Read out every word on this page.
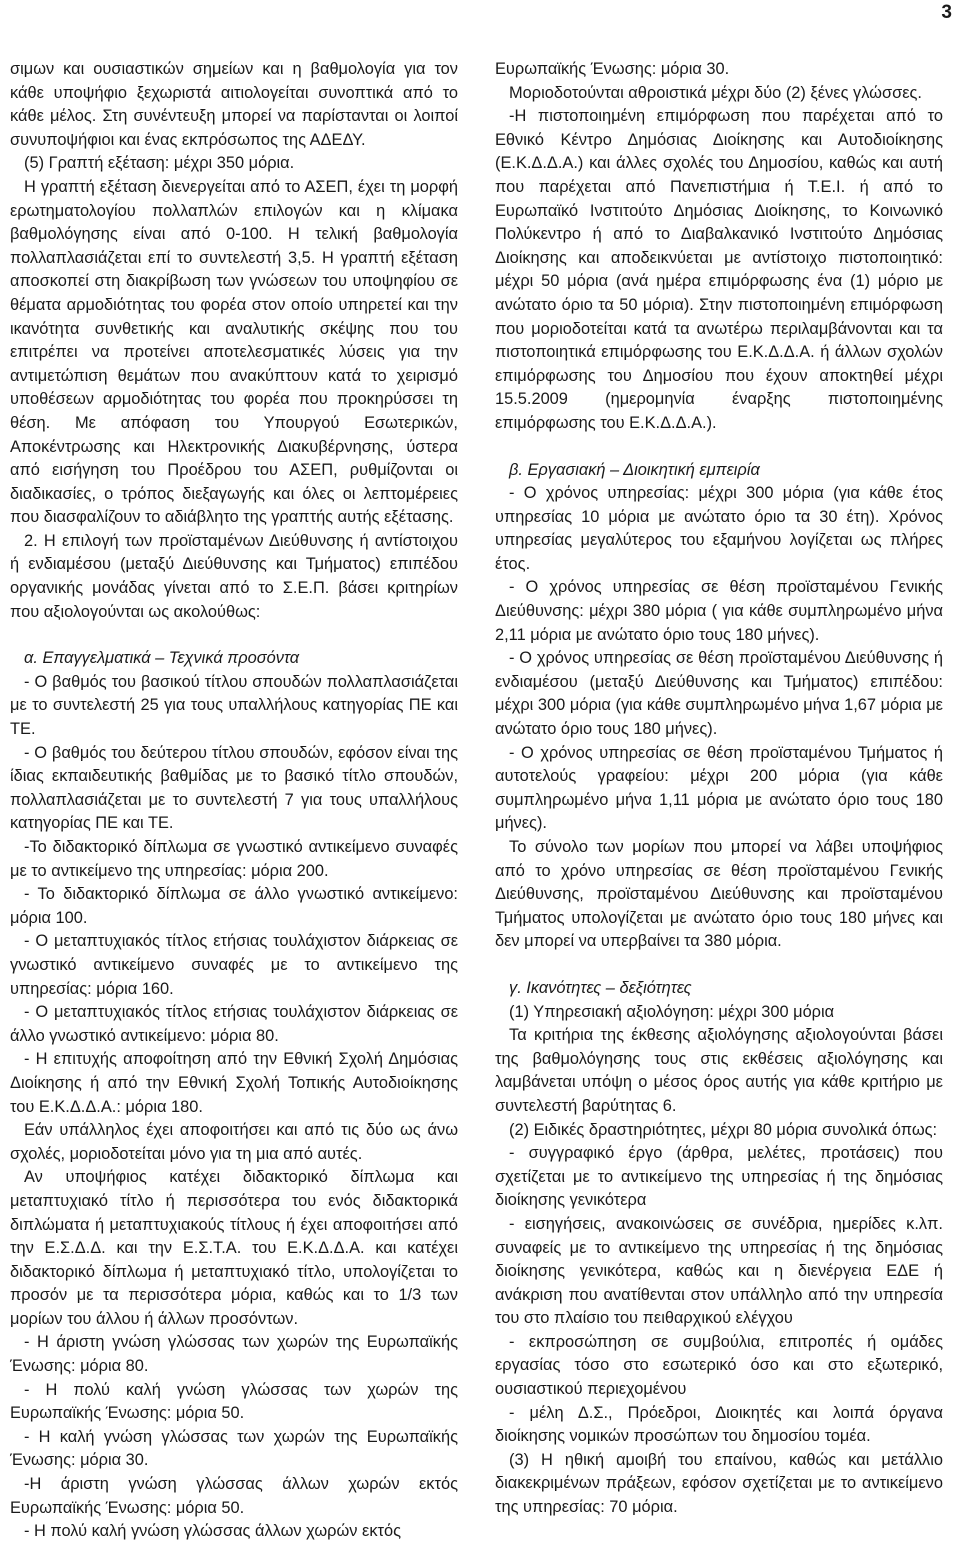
3

σιμων και ουσιαστικών σημείων και η βαθμολογία για τον κάθε υποψήφιο ξεχωριστά αιτιολογείται συνοπτικά από το κάθε μέλος. Στη συνέντευξη μπορεί να παρίστανται οι λοιποί συνυποψήφιοι και ένας εκπρόσωπος της ΑΔΕΔΥ.

(5) Γραπτή εξέταση: μέχρι 350 μόρια.

Η γραπτή εξέταση διενεργείται από το ΑΣΕΠ, έχει τη μορφή ερωτηματολογίου πολλαπλών επιλογών και η κλίμακα βαθμολόγησης είναι από 0-100. Η τελική βαθμολογία πολλαπλασιάζεται επί το συντελεστή 3,5. Η γραπτή εξέταση αποσκοπεί στη διακρίβωση των γνώσεων του υποψηφίου σε θέματα αρμοδιότητας του φορέα στον οποίο υπηρετεί και την ικανότητα συνθετικής και αναλυτικής σκέψης που του επιτρέπει να προτείνει αποτελεσματικές λύσεις για την αντιμετώπιση θεμάτων που ανακύπτουν κατά το χειρισμό υποθέσεων αρμοδιότητας του φορέα που προκηρύσσει τη θέση. Με απόφαση του Υπουργού Εσωτερικών, Αποκέντρωσης και Ηλεκτρονικής Διακυβέρνησης, ύστερα από εισήγηση του Προέδρου του ΑΣΕΠ, ρυθμίζονται οι διαδικασίες, ο τρόπος διεξαγωγής και όλες οι λεπτομέρειες που διασφαλίζουν το αδιάβλητο της γραπτής αυτής εξέτασης.

2. Η επιλογή των προϊσταμένων Διεύθυνσης ή αντίστοιχου ή ενδιαμέσου (μεταξύ Διεύθυνσης και Τμήματος) επιπέδου οργανικής μονάδας γίνεται από το Σ.Ε.Π. βάσει κριτηρίων που αξιολογούνται ως ακολούθως:

α. Επαγγελματικά – Τεχνικά προσόντα

- Ο βαθμός του βασικού τίτλου σπουδών πολλαπλασιάζεται με το συντελεστή 25 για τους υπαλλήλους κατηγορίας ΠΕ και ΤΕ.

- Ο βαθμός του δεύτερου τίτλου σπουδών, εφόσον είναι της ίδιας εκπαιδευτικής βαθμίδας με το βασικό τίτλο σπουδών, πολλαπλασιάζεται με το συντελεστή 7 για τους υπαλλήλους κατηγορίας ΠΕ και ΤΕ.

-Το διδακτορικό δίπλωμα σε γνωστικό αντικείμενο συναφές με το αντικείμενο της υπηρεσίας: μόρια 200.

- Το διδακτορικό δίπλωμα σε άλλο γνωστικό αντικείμενο: μόρια 100.

- Ο μεταπτυχιακός τίτλος ετήσιας τουλάχιστον διάρκειας σε γνωστικό αντικείμενο συναφές με το αντικείμενο της υπηρεσίας: μόρια 160.

- Ο μεταπτυχιακός τίτλος ετήσιας τουλάχιστον διάρκειας σε άλλο γνωστικό αντικείμενο: μόρια 80.

- Η επιτυχής αποφοίτηση από την Εθνική Σχολή Δημόσιας Διοίκησης ή από την Εθνική Σχολή Τοπικής Αυτοδιοίκησης του Ε.Κ.Δ.Δ.Α.: μόρια 180.

Εάν υπάλληλος έχει αποφοιτήσει και από τις δύο ως άνω σχολές, μοριοδοτείται μόνο για τη μια από αυτές.

Αν υποψήφιος κατέχει διδακτορικό δίπλωμα και μεταπτυχιακό τίτλο ή περισσότερα του ενός διδακτορικά διπλώματα ή μεταπτυχιακούς τίτλους ή έχει αποφοιτήσει από την Ε.Σ.Δ.Δ. και την Ε.Σ.Τ.Α. του Ε.Κ.Δ.Δ.Α. και κατέχει διδακτορικό δίπλωμα ή μεταπτυχιακό τίτλο, υπολογίζεται το προσόν με τα περισσότερα μόρια, καθώς και το 1/3 των μορίων του άλλου ή άλλων προσόντων.

- Η άριστη γνώση γλώσσας των χωρών της Ευρωπαϊκής Ένωσης: μόρια 80.

- Η πολύ καλή γνώση γλώσσας των χωρών της Ευρωπαϊκής Ένωσης: μόρια 50.

- Η καλή γνώση γλώσσας των χωρών της Ευρωπαϊκής Ένωσης: μόρια 30.

-Η άριστη γνώση γλώσσας άλλων χωρών εκτός Ευρωπαϊκής Ένωσης: μόρια 50.

- Η πολύ καλή γνώση γλώσσας άλλων χωρών εκτός

Ευρωπαϊκής Ένωσης: μόρια 30.

Μοριοδοτούνται αθροιστικά μέχρι δύο (2) ξένες γλώσσες.

-Η πιστοποιημένη επιμόρφωση που παρέχεται από το Εθνικό Κέντρο Δημόσιας Διοίκησης και Αυτοδιοίκησης (Ε.Κ.Δ.Δ.Α.) και άλλες σχολές του Δημοσίου, καθώς και αυτή που παρέχεται από Πανεπιστήμια ή Τ.Ε.Ι. ή από το Ευρωπαϊκό Ινστιτούτο Δημόσιας Διοίκησης, το Κοινωνικό Πολύκεντρο ή από το Διαβαλκανικό Ινστιτούτο Δημόσιας Διοίκησης και αποδεικνύεται με αντίστοιχο πιστοποιητικό: μέχρι 50 μόρια (ανά ημέρα επιμόρφωσης ένα (1) μόριο με ανώτατο όριο τα 50 μόρια). Στην πιστοποιημένη επιμόρφωση που μοριοδοτείται κατά τα ανωτέρω περιλαμβάνονται και τα πιστοποιητικά επιμόρφωσης του Ε.Κ.Δ.Δ.Α. ή άλλων σχολών επιμόρφωσης του Δημοσίου που έχουν αποκτηθεί μέχρι 15.5.2009 (ημερομηνία έναρξης πιστοποιημένης επιμόρφωσης του Ε.Κ.Δ.Δ.Α.).

β. Εργασιακή – Διοικητική εμπειρία

- Ο χρόνος υπηρεσίας: μέχρι 300 μόρια (για κάθε έτος υπηρεσίας 10 μόρια με ανώτατο όριο τα 30 έτη). Χρόνος υπηρεσίας μεγαλύτερος του εξαμήνου λογίζεται ως πλήρες έτος.

- Ο χρόνος υπηρεσίας σε θέση προϊσταμένου Γενικής Διεύθυνσης: μέχρι 380 μόρια ( για κάθε συμπληρωμένο μήνα 2,11 μόρια με ανώτατο όριο τους 180 μήνες).

- Ο χρόνος υπηρεσίας σε θέση προϊσταμένου Διεύθυνσης ή ενδιαμέσου (μεταξύ Διεύθυνσης και Τμήματος) επιπέδου: μέχρι 300 μόρια (για κάθε συμπληρωμένο μήνα 1,67 μόρια με ανώτατο όριο τους 180 μήνες).

- Ο χρόνος υπηρεσίας σε θέση προϊσταμένου Τμήματος ή αυτοτελούς γραφείου: μέχρι 200 μόρια (για κάθε συμπληρωμένο μήνα 1,11 μόρια με ανώτατο όριο τους 180 μήνες).

Το σύνολο των μορίων που μπορεί να λάβει υποψήφιος από το χρόνο υπηρεσίας σε θέση προϊσταμένου Γενικής Διεύθυνσης, προϊσταμένου Διεύθυνσης και προϊσταμένου Τμήματος υπολογίζεται με ανώτατο όριο τους 180 μήνες και δεν μπορεί να υπερβαίνει τα 380 μόρια.

γ. Ικανότητες – δεξιότητες

(1) Υπηρεσιακή αξιολόγηση: μέχρι 300 μόρια

Τα κριτήρια της έκθεσης αξιολόγησης αξιολογούνται βάσει της βαθμολόγησης τους στις εκθέσεις αξιολόγησης και λαμβάνεται υπόψη ο μέσος όρος αυτής για κάθε κριτήριο με συντελεστή βαρύτητας 6.

(2) Ειδικές δραστηριότητες, μέχρι 80 μόρια συνολικά όπως:

- συγγραφικό έργο (άρθρα, μελέτες, προτάσεις) που σχετίζεται με το αντικείμενο της υπηρεσίας ή της δημόσιας διοίκησης γενικότερα

- εισηγήσεις, ανακοινώσεις σε συνέδρια, ημερίδες κ.λπ. συναφείς με το αντικείμενο της υπηρεσίας ή της δημόσιας διοίκησης γενικότερα, καθώς και η διενέργεια ΕΔΕ ή ανάκριση που ανατίθενται στον υπάλληλο από την υπηρεσία του στο πλαίσιο του πειθαρχικού ελέγχου

- εκπροσώπηση σε συμβούλια, επιτροπές ή ομάδες εργασίας τόσο στο εσωτερικό όσο και στο εξωτερικό, ουσιαστικού περιεχομένου

- μέλη Δ.Σ., Πρόεδροι, Διοικητές και λοιπά όργανα διοίκησης νομικών προσώπων του δημοσίου τομέα.

(3) Η ηθική αμοιβή του επαίνου, καθώς και μετάλλιο διακεκριμένων πράξεων, εφόσον σχετίζεται με το αντικείμενο της υπηρεσίας: 70 μόρια.
